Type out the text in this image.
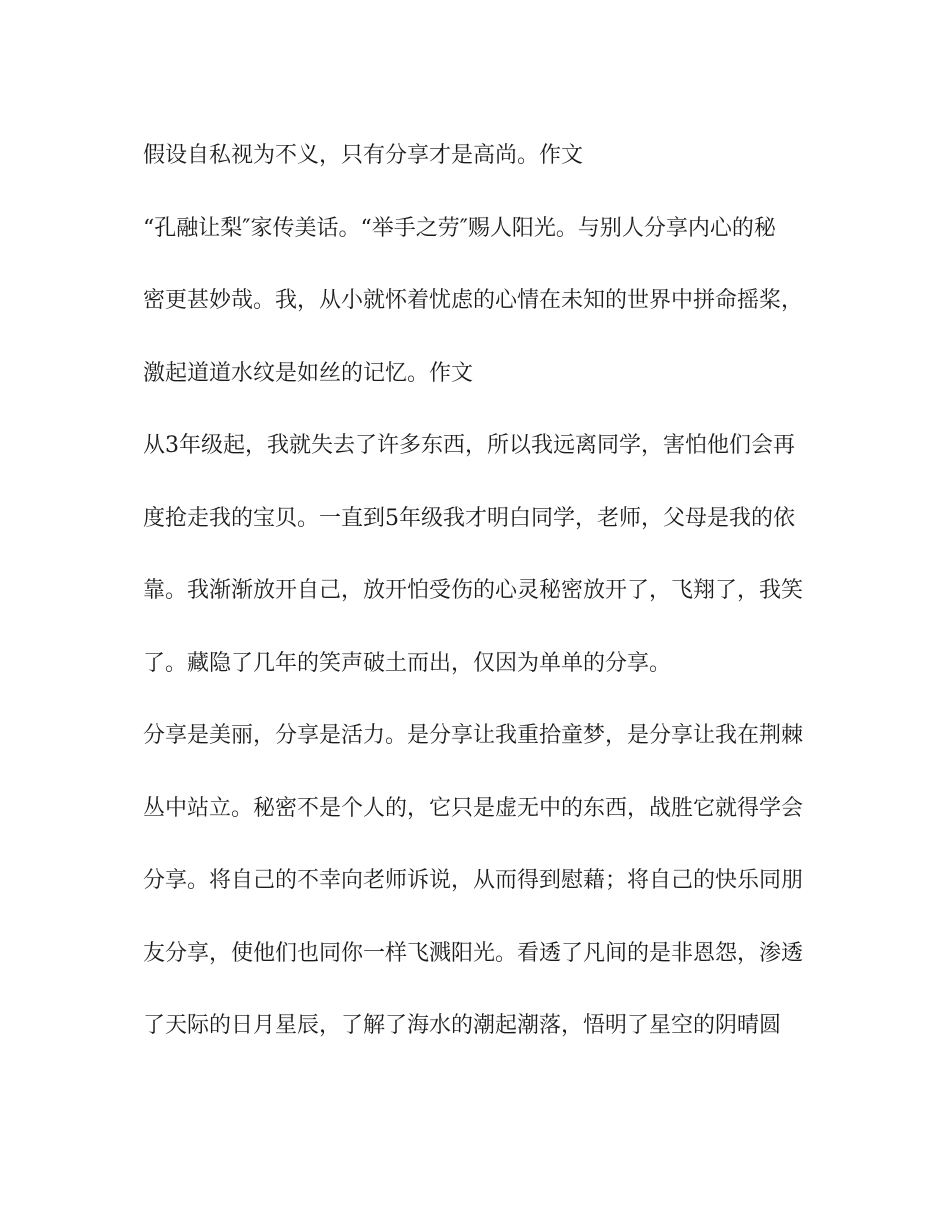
假设自私视为不义，只有分享才是高尚。作文
“孔融让梨″家传美话。“举手之劳″赐人阳光。与别人分享内心的秘
密更甚妙哉。我，从小就怀着忧虑的心情在未知的世界中拼命摇桨，
激起道道水纹是如丝的记忆。作文
从3年级起，我就失去了许多东西，所以我远离同学，害怕他们会再
度抢走我的宝贝。一直到5年级我才明白同学，老师，父母是我的依
靠。我渐渐放开自己，放开怕受伤的心灵秘密放开了，飞翔了，我笑
了。藏隐了几年的笑声破土而出，仅因为单单的分享。
分享是美丽，分享是活力。是分享让我重拾童梦，是分享让我在荆棘
丛中站立。秘密不是个人的，它只是虚无中的东西，战胜它就得学会
分享。将自己的不幸向老师诉说，从而得到慰藉；将自己的快乐同朋
友分享，使他们也同你一样飞溅阳光。看透了凡间的是非恩怨，渗透
了天际的日月星辰，了解了海水的潮起潮落，悟明了星空的阴晴圆
